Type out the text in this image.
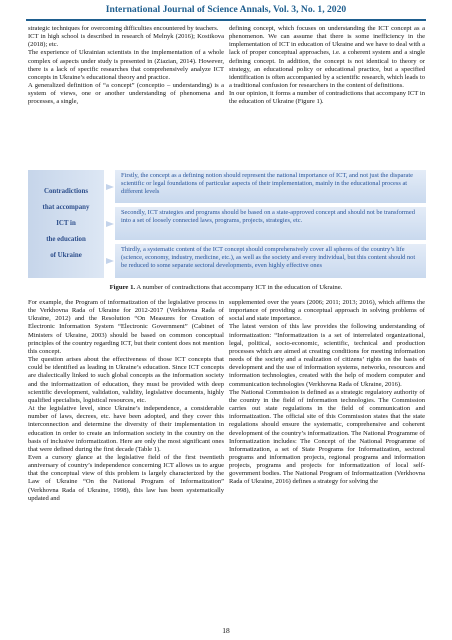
International Journal of Science Annals, Vol. 3, No. 1, 2020

strategic techniques for overcoming difficulties encountered by teachers.

ICT in high school is described in research of Melnyk (2016); Kostikova (2018); etc.

The experience of Ukrainian scientists in the implementation of a whole complex of aspects under study is presented in (Ziazian, 2014). However, there is a lack of specific researches that comprehensively analyze ICT concepts in Ukraine’s educational theory and practice.

A generalized definition of “a concept” (conceptio – understanding) is a system of views, one or another understanding of phenomena and processes, a single,

defining concept, which focuses on understanding the ICT concept as a phenomenon. We can assume that there is some inefficiency in the implementation of ICT in education of Ukraine and we have to deal with a lack of proper conceptual approaches, i.e. a coherent system and a single defining concept. In addition, the concept is not identical to theory or strategy, an educational policy or educational practice, but a specified identification is often accompanied by a scientific research, which leads to a traditional confusion for researchers in the content of definitions.

In our opinion, it forms a number of contradictions that accompany ICT in the education of Ukraine (Figure 1).

Contradictions
that accompany
ICT in
the education
of Ukraine
Firstly, the concept as a defining notion should represent the national importance of ICT, and not just the disparate scientific or legal foundations of particular aspects of their implementation, mainly in the educational process at different levels
Secondly, ICT strategies and programs should be based on a state-approved concept and should not be transformed into a set of loosely connected laws, programs, projects, strategies, etc.
Thirdly, a systematic content of the ICT concept should comprehensively cover all spheres of the country’s life (science, economy, industry, medicine, etc.), as well as the society and every individual, but this content should not be reduced to some separate sectoral developments, even highly effective ones
Figure 1. A number of contradictions that accompany ICT in the education of Ukraine.

For example, the Program of informatization of the legislative process in the Verkhovna Rada of Ukraine for 2012-2017 (Verkhovna Rada of Ukraine, 2012) and the Resolution “On Measures for Creation of Electronic Information System “Electronic Government” (Cabinet of Ministers of Ukraine, 2003) should be based on common conceptual principles of the country regarding ICT, but their content does not mention this concept.

The question arises about the effectiveness of those ICT concepts that could be identified as leading in Ukraine’s education. Since ICT concepts are dialectically linked to such global concepts as the information society and the informatization of education, they must be provided with deep scientific development, validation, validity, legislative documents, highly qualified specialists, logistical resources, etc.

At the legislative level, since Ukraine’s independence, a considerable number of laws, decrees, etc. have been adopted, and they cover this interconnection and determine the diversity of their implementation in education in order to create an information society in the country on the basis of inclusive informatization. Here are only the most significant ones that were defined during the first decade (Table 1).

Even a cursory glance at the legislative field of the first twentieth anniversary of country’s independence concerning ICT allows us to argue that the conceptual view of this problem is largely characterized by the Law of Ukraine “On the National Program of Informatization” (Verkhovna Rada of Ukraine, 1998), this law has been systematically updated and

supplemented over the years (2006; 2011; 2013; 2016), which affirms the importance of providing a conceptual approach in solving problems of social and state importance.

The latest version of this law provides the following understanding of informatization: “Informatization is a set of interrelated organizational, legal, political, socio-economic, scientific, technical and production processes which are aimed at creating conditions for meeting information needs of the society and a realization of citizens’ rights on the basis of development and the use of information systems, networks, resources and information technologies, created with the help of modern computer and communication technologies (Verkhovna Rada of Ukraine, 2016).

The National Commission is defined as a strategic regulatory authority of the country in the field of information technologies. The Commission carries out state regulations in the field of communication and informatization. The official site of this Commission states that the state regulations should ensure the systematic, comprehensive and coherent development of the country’s informatization. The National Programme of Informatization includes: The Concept of the National Programme of Informatization, a set of State Programs for Informatization, sectoral programs and information projects, regional programs and information projects, programs and projects for informatization of local self-government bodies. The National Program of Informatization (Verkhovna Rada of Ukraine, 2016) defines a strategy for solving the

18
